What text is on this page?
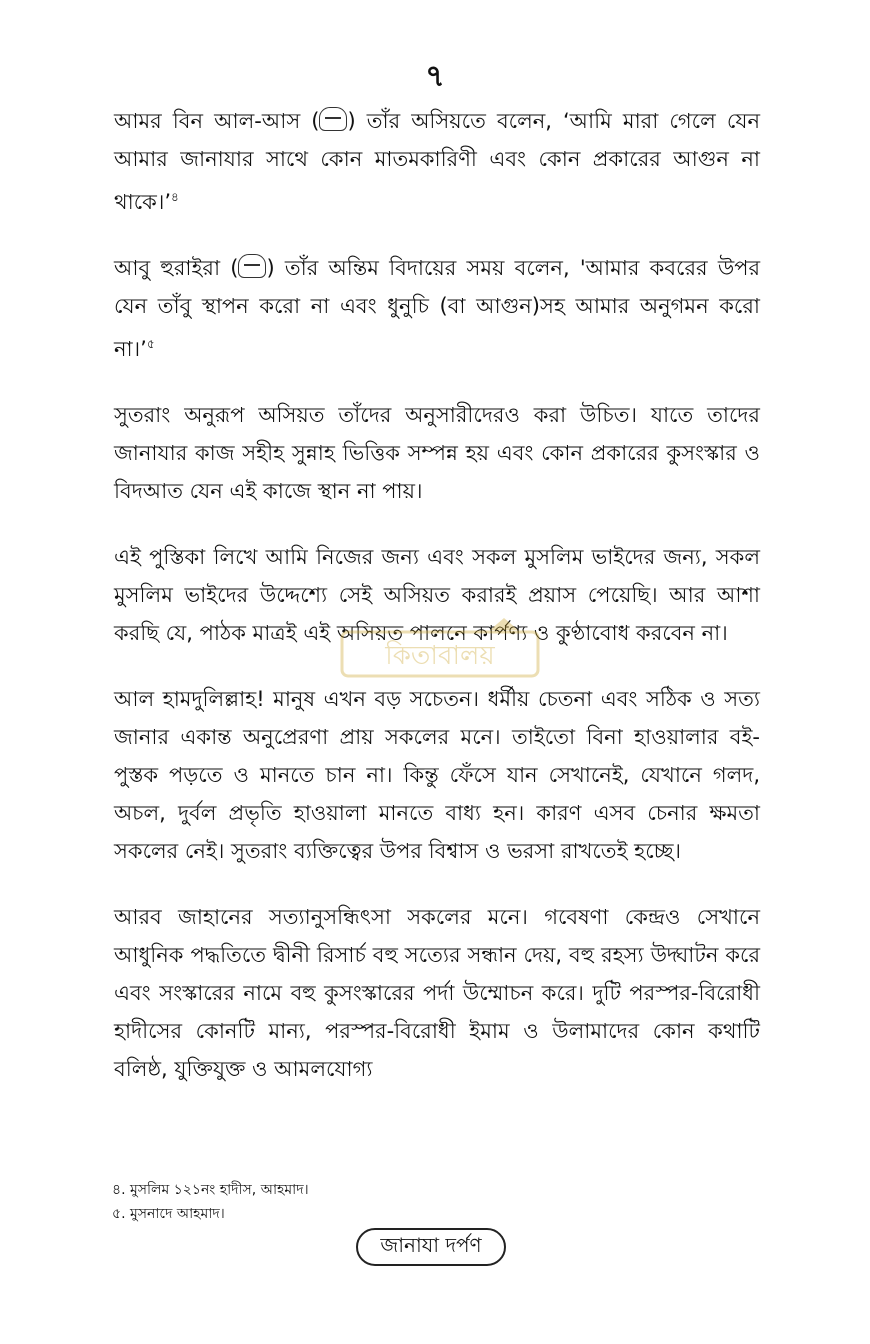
৭

আমর বিন আল-আস ( ) তাঁর অসিয়তে বলেন, ‘আমি মারা গেলে যেন আমার জানাযার সাথে কোন মাতমকারিণী এবং কোন প্রকারের আগুন না থাকে।’$^৪$

আবু হুরাইরা ( ) তাঁর অন্তিম বিদায়ের সময় বলেন, 'আমার কবরের উপর যেন তাঁবু স্থাপন করো না এবং ধুনুচি (বা আগুন)সহ আমার অনুগমন করো না।’$^৫$

সুতরাং অনুরূপ অসিয়ত তাঁদের অনুসারীদেরও করা উচিত। যাতে তাদের জানাযার কাজ সহীহ সুন্নাহ ভিত্তিক সম্পন্ন হয় এবং কোন প্রকারের কুসংস্কার ও বিদআত যেন এই কাজে স্থান না পায়।

এই পুস্তিকা লিখে আমি নিজের জন্য এবং সকল মুসলিম ভাইদের জন্য, সকল মুসলিম ভাইদের উদ্দেশ্যে সেই অসিয়ত করারই প্রয়াস পেয়েছি। আর আশা করছি যে, পাঠক মাত্রই এই অসিয়ত পালনে কার্পণ্য ও কুণ্ঠাবোধ করবেন না।

আল হামদুলিল্লাহ! মানুষ এখন বড় সচেতন। ধর্মীয় চেতনা এবং সঠিক ও সত্য জানার একান্ত অনুপ্রেরণা প্রায় সকলের মনে। তাইতো বিনা হাওয়ালার বই-পুস্তক পড়তে ও মানতে চান না। কিন্তু ফেঁসে যান সেখানেই, যেখানে গলদ, অচল, দুর্বল প্রভৃতি হাওয়ালা মানতে বাধ্য হন। কারণ এসব চেনার ক্ষমতা সকলের নেই। সুতরাং ব্যক্তিত্বের উপর বিশ্বাস ও ভরসা রাখতেই হচ্ছে।

আরব জাহানের সত্যানুসন্ধিৎসা সকলের মনে। গবেষণা কেন্দ্রও সেখানে আধুনিক পদ্ধতিতে দ্বীনী রিসার্চ বহু সত্যের সন্ধান দেয়, বহু রহস্য উদ্ঘাটন করে এবং সংস্কারের নামে বহু কুসংস্কারের পর্দা উম্মোচন করে। দুটি পরস্পর-বিরোধী হাদীসের কোনটি মান্য, পরস্পর-বিরোধী ইমাম ও উলামাদের কোন কথাটি বলিষ্ঠ, যুক্তিযুক্ত ও আমলযোগ্য

কিতাবালয়

৪. মুসলিম ১২১নং হাদীস, আহমাদ।

৫. মুসনাদে আহমাদ।

জানাযা দর্পণ
